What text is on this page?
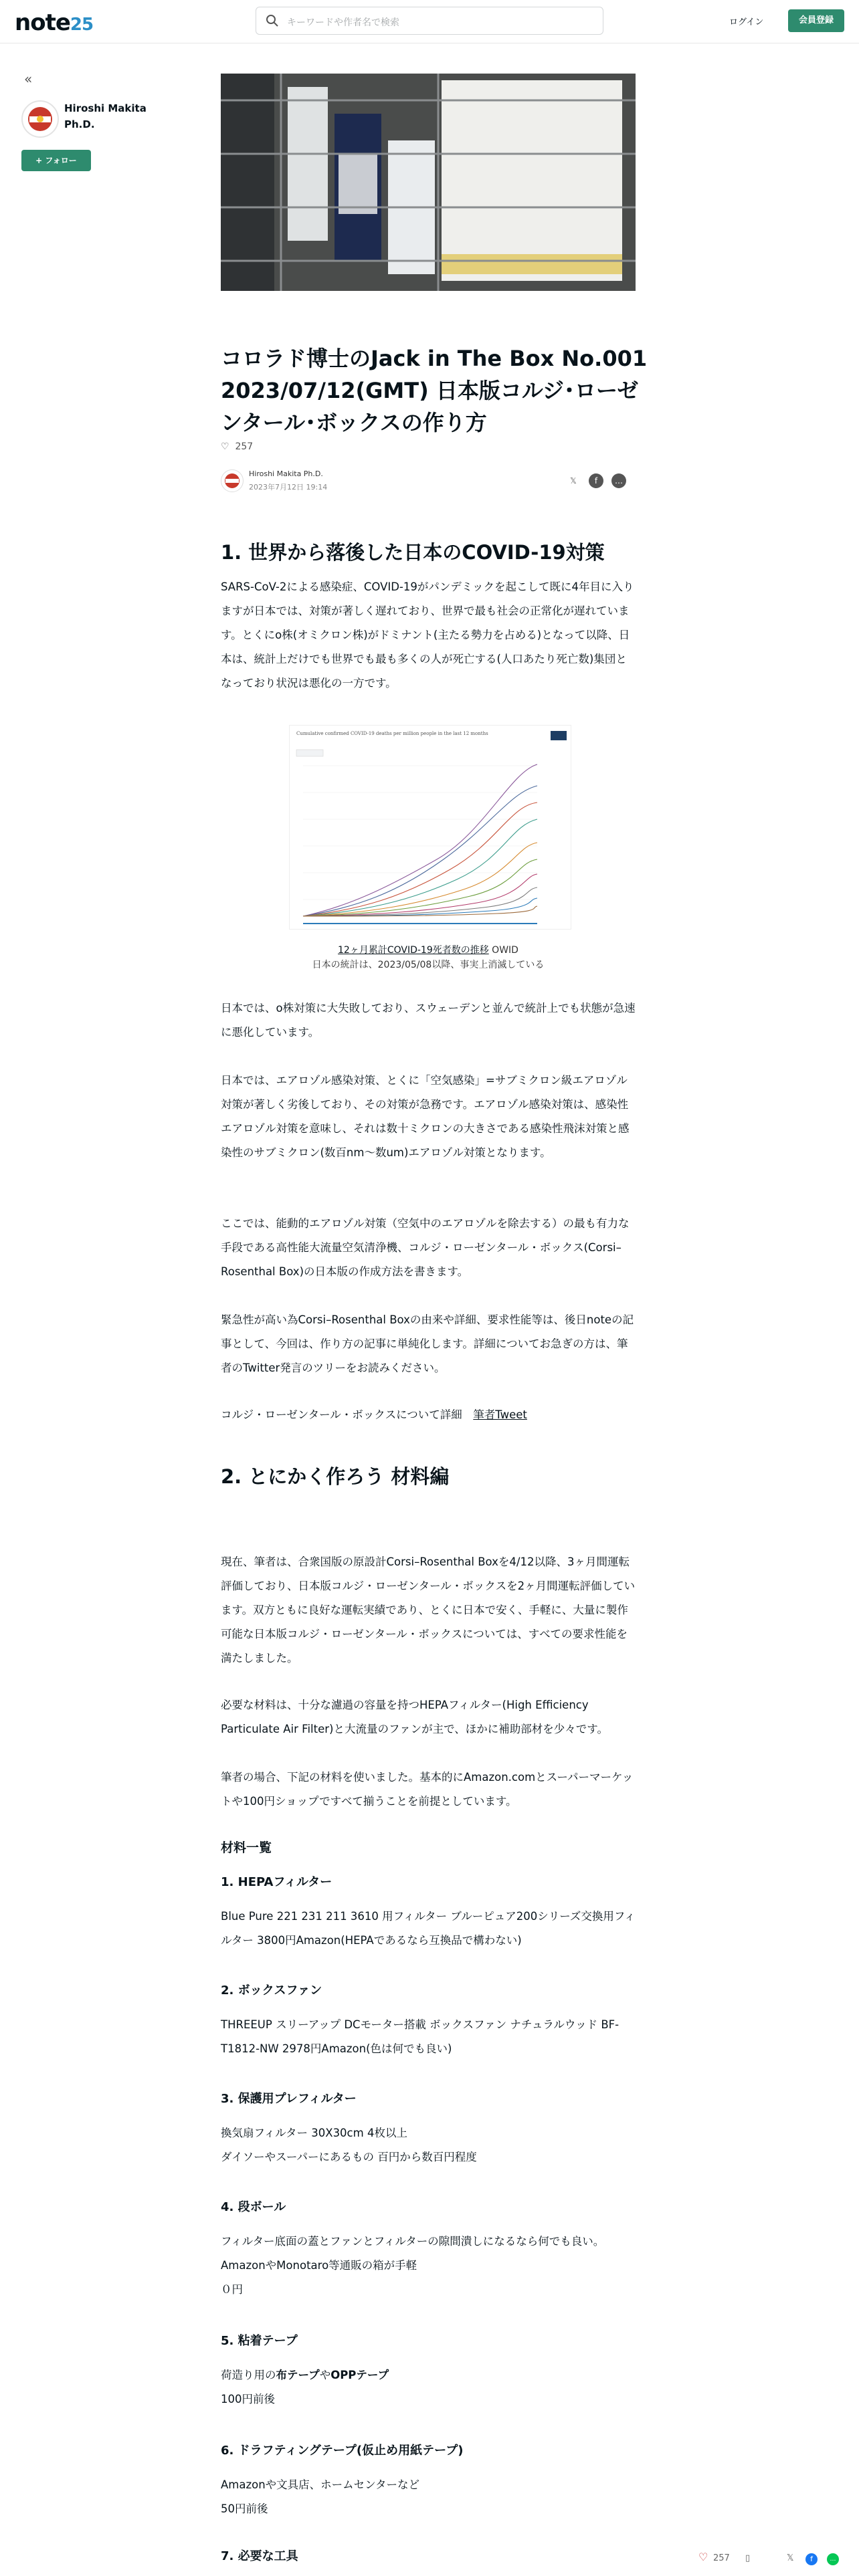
note25	キーワードや作者名で検索	ログイン	会員登録
«
Hiroshi Makita Ph.D.
+ フォロー
コロラド博士のJack in The Box No.001 2023/07/12(GMT) 日本版コルジ･ローゼンタール･ボックスの作り方
♡ 257
Hiroshi Makita Ph.D.
2023年7月12日 19:14
𝕏	f	…
1. 世界から落後した日本のCOVID-19対策
SARS-CoV-2による感染症、COVID-19がパンデミックを起こして既に4年目に入りますが日本では、対策が著しく遅れており、世界で最も社会の正常化が遅れています。とくにo株(オミクロン株)がドミナント(主たる勢力を占める)となって以降、日本は、統計上だけでも世界でも最も多くの人が死亡する(人口あたり死亡数)集団となっており状況は悪化の一方です。
Cumulative confirmed COVID-19 deaths per million people in the last 12 months
12ヶ月累計COVID-19死者数の推移 OWID
日本の統計は、2023/05/08以降、事実上消滅している
日本では、o株対策に大失敗しており、スウェーデンと並んで統計上でも状態が急速に悪化しています。
日本では、エアロゾル感染対策、とくに「空気感染」=サブミクロン級エアロゾル対策が著しく劣後しており、その対策が急務です。エアロゾル感染対策は、感染性エアロゾル対策を意味し、それは数十ミクロンの大きさである感染性飛沫対策と感染性のサブミクロン(数百nm〜数um)エアロゾル対策となります。
ここでは、能動的エアロゾル対策（空気中のエアロゾルを除去する）の最も有力な手段である高性能大流量空気清浄機、コルジ・ローゼンタール・ボックス(Corsi–Rosenthal Box)の日本版の作成方法を書きます。
緊急性が高い為Corsi–Rosenthal Boxの由来や詳細、要求性能等は、後日noteの記事として、今回は、作り方の記事に単純化します。詳細についてお急ぎの方は、筆者のTwitter発言のツリーをお読みください。
コルジ・ローゼンタール・ボックスについて詳細　筆者Tweet
2. とにかく作ろう 材料編
現在、筆者は、合衆国版の原設計Corsi–Rosenthal Boxを4/12以降、3ヶ月間運転評価しており、日本版コルジ・ローゼンタール・ボックスを2ヶ月間運転評価しています。双方ともに良好な運転実績であり、とくに日本で安く、手軽に、大量に製作可能な日本版コルジ・ローゼンタール・ボックスについては、すべての要求性能を満たしました。
必要な材料は、十分な濾過の容量を持つHEPAフィルター(High Efficiency Particulate Air Filter)と大流量のファンが主で、ほかに補助部材を少々です。
筆者の場合、下記の材料を使いました。基本的にAmazon.comとスーパーマーケットや100円ショップですべて揃うことを前提としています。
材料一覧
1. HEPAフィルター
Blue Pure 221 231 211 3610 用フィルター ブルーピュア200シリーズ交換用フィルター 3800円Amazon(HEPAであるなら互換品で構わない)
2. ボックスファン
THREEUP スリーアップ DCモーター搭載 ボックスファン ナチュラルウッド BF-T1812-NW 2978円Amazon(色は何でも良い)
3. 保護用プレフィルター
換気扇フィルター 30X30cm 4枚以上
ダイソーやスーパーにあるもの 百円から数百円程度
4. 段ボール
フィルター底面の蓋とファンとフィルターの隙間潰しになるなら何でも良い。AmazonやMonotaro等通販の箱が手軽
０円
5. 粘着テープ
荷造り用の布テープやOPPテープ
100円前後
6. ドラフティングテープ(仮止め用紙テープ)
Amazonや文具店、ホームセンターなど
50円前後
7. 必要な工具	♡ 257 ▯	𝕏	f	…
